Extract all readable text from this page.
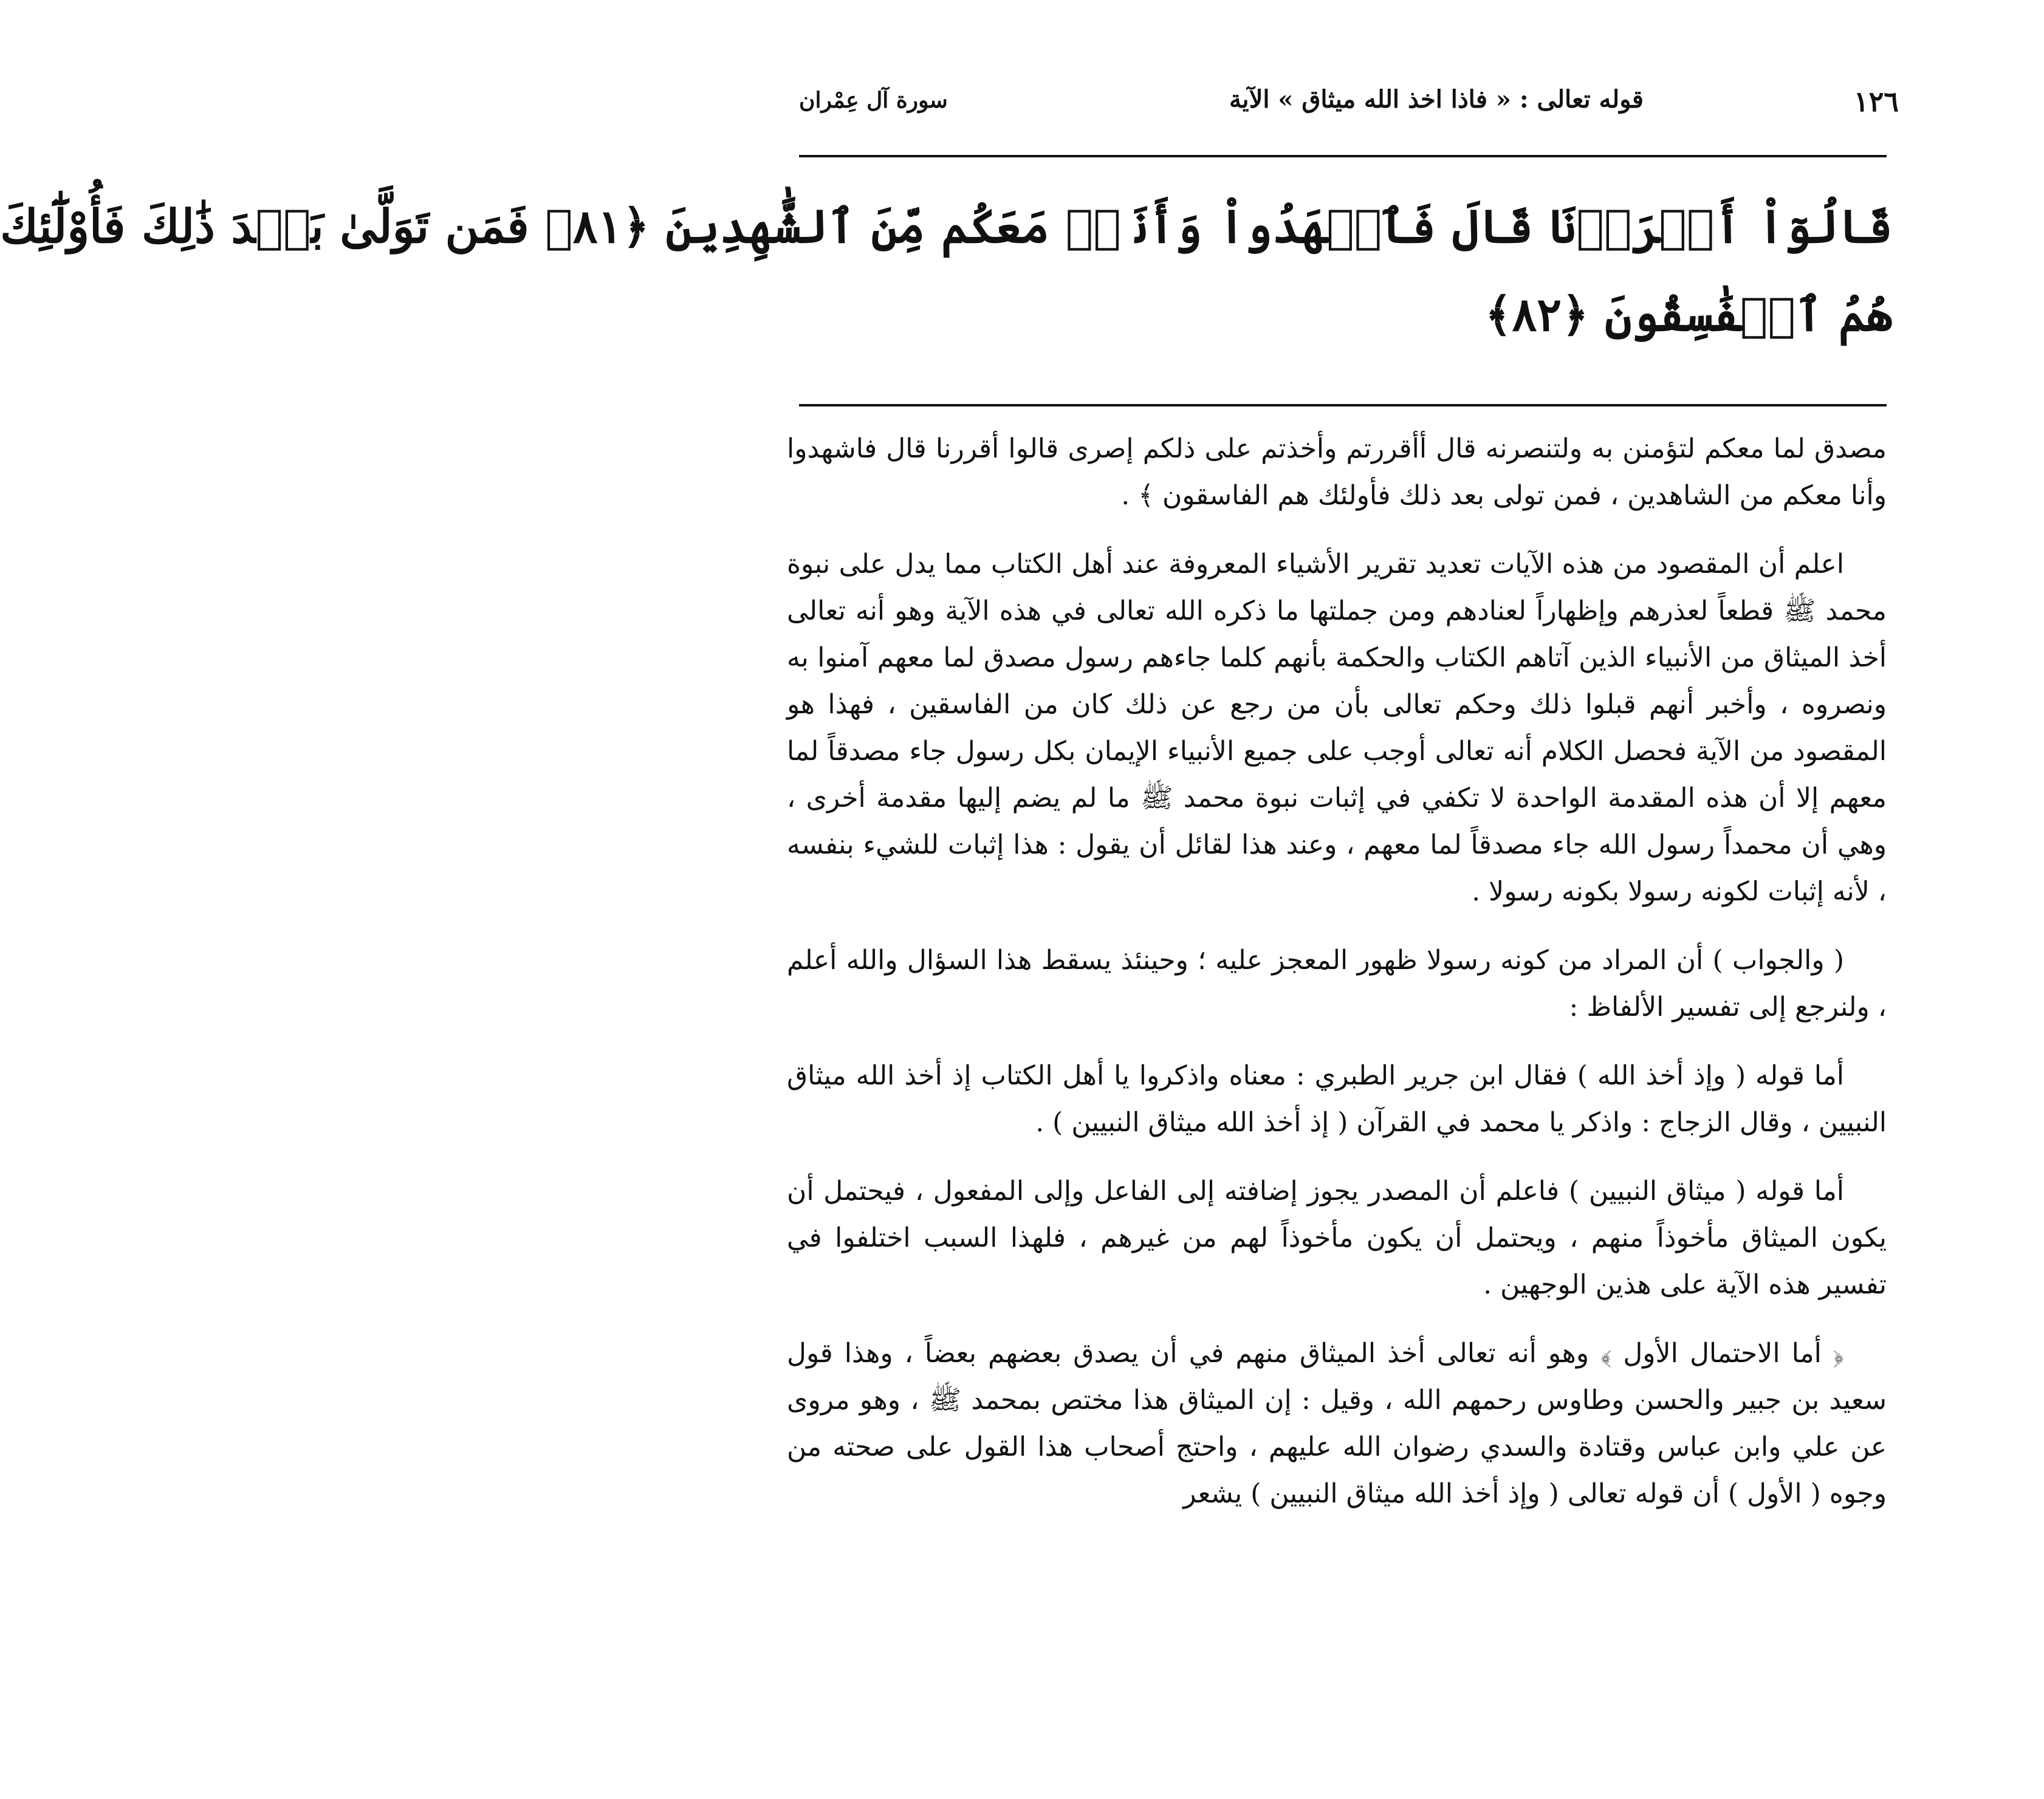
١٢٦
قوله تعالى : « فاذا اخذ الله ميثاق » الآية
سورة آل عِمْران
قَالُوٓاْ أَقۡرَرۡنَا قَالَ فَٱشۡهَدُواْ وَأَنَا۠ مَعَكُم مِّنَ ٱلشَّٰهِدِينَ ﴿٨١﴾ فَمَن تَوَلَّىٰ بَعۡدَ ذَٰلِكَ فَأُوْلَٰٓئِكَ
هُمُ ٱلۡفَٰسِقُونَ ﴿٨٢﴾

مصدق لما معكم لتؤمنن به ولتنصرنه قال أأقررتم وأخذتم على ذلكم إصرى قالوا أقررنا قال فاشهدوا وأنا معكم من الشاهدين ، فمن تولى بعد ذلك فأولئك هم الفاسقون ﴾ .

اعلم أن المقصود من هذه الآيات تعديد تقرير الأشياء المعروفة عند أهل الكتاب مما يدل على نبوة محمد ﷺ قطعاً لعذرهم وإظهاراً لعنادهم ومن جملتها ما ذكره الله تعالى في هذه الآية وهو أنه تعالى أخذ الميثاق من الأنبياء الذين آتاهم الكتاب والحكمة بأنهم كلما جاءهم رسول مصدق لما معهم آمنوا به ونصروه ، وأخبر أنهم قبلوا ذلك وحكم تعالى بأن من رجع عن ذلك كان من الفاسقين ، فهذا هو المقصود من الآية فحصل الكلام أنه تعالى أوجب على جميع الأنبياء الإيمان بكل رسول جاء مصدقاً لما معهم إلا أن هذه المقدمة الواحدة لا تكفي في إثبات نبوة محمد ﷺ ما لم يضم إليها مقدمة أخرى ، وهي أن محمداً رسول الله جاء مصدقاً لما معهم ، وعند هذا لقائل أن يقول : هذا إثبات للشيء بنفسه ، لأنه إثبات لكونه رسولا بكونه رسولا .

( والجواب ) أن المراد من كونه رسولا ظهور المعجز عليه ؛ وحينئذ يسقط هذا السؤال والله أعلم ، ولنرجع إلى تفسير الألفاظ :

أما قوله ( وإذ أخذ الله ) فقال ابن جرير الطبري : معناه واذكروا يا أهل الكتاب إذ أخذ الله ميثاق النبيين ، وقال الزجاج : واذكر يا محمد في القرآن ( إذ أخذ الله ميثاق النبيين ) .

أما قوله ( ميثاق النبيين ) فاعلم أن المصدر يجوز إضافته إلى الفاعل وإلى المفعول ، فيحتمل أن يكون الميثاق مأخوذاً منهم ، ويحتمل أن يكون مأخوذاً لهم من غيرهم ، فلهذا السبب اختلفوا في تفسير هذه الآية على هذين الوجهين .

﴿ أما الاحتمال الأول ﴾ وهو أنه تعالى أخذ الميثاق منهم في أن يصدق بعضهم بعضاً ، وهذا قول سعيد بن جبير والحسن وطاوس رحمهم الله ، وقيل : إن الميثاق هذا مختص بمحمد ﷺ ، وهو مروى عن علي وابن عباس وقتادة والسدي رضوان الله عليهم ، واحتج أصحاب هذا القول على صحته من وجوه ( الأول ) أن قوله تعالى ( وإذ أخذ الله ميثاق النبيين ) يشعر
